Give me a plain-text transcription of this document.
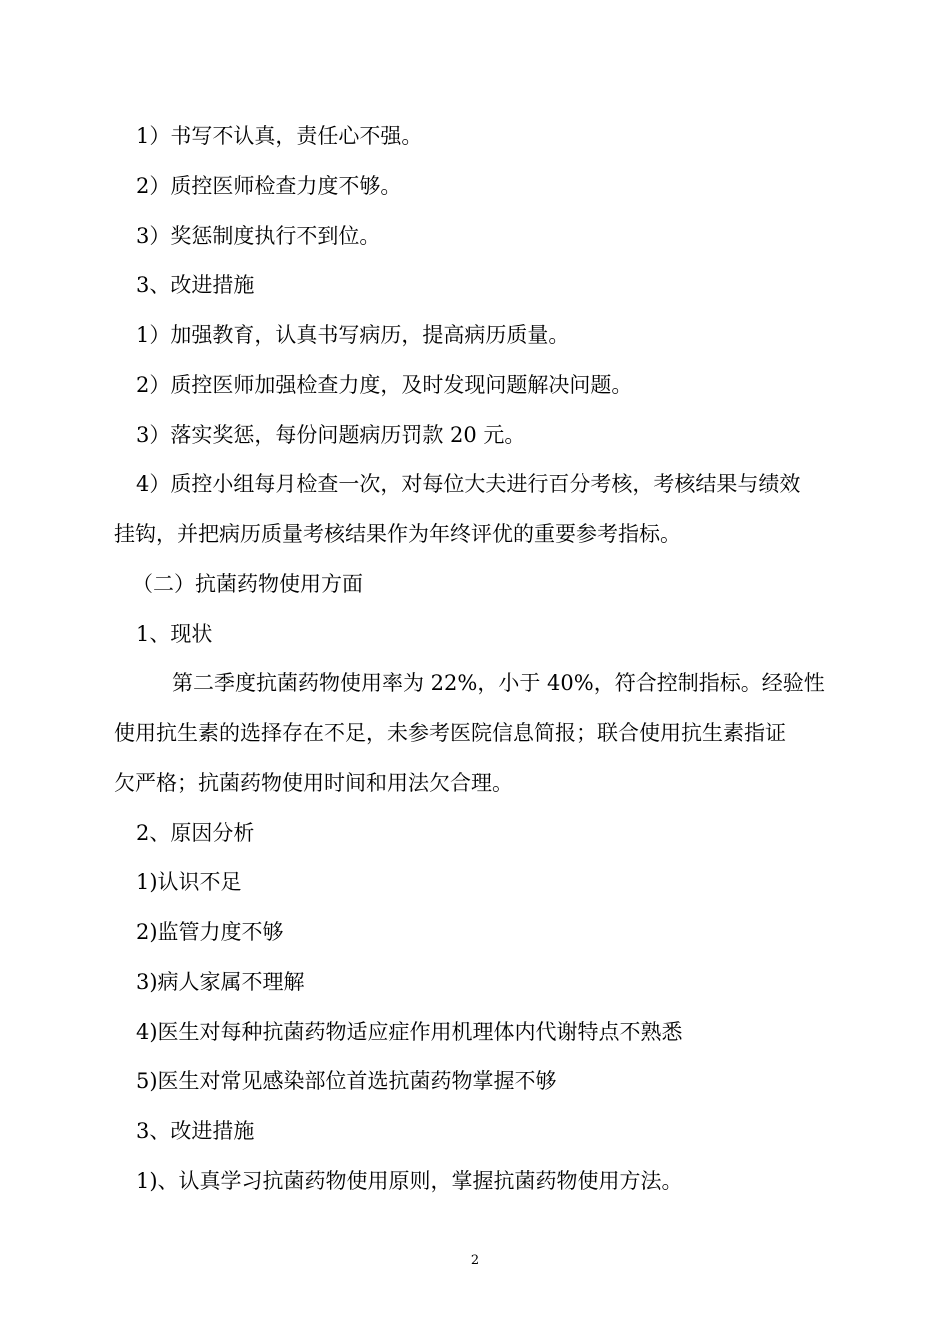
1）书写不认真，责任心不强。
2）质控医师检查力度不够。
3）奖惩制度执行不到位。
3、改进措施
1）加强教育，认真书写病历，提高病历质量。
2）质控医师加强检查力度，及时发现问题解决问题。
3）落实奖惩，每份问题病历罚款 20 元。
4）质控小组每月检查一次，对每位大夫进行百分考核，考核结果与绩效
挂钩，并把病历质量考核结果作为年终评优的重要参考指标。
（二）抗菌药物使用方面
1、现状
第二季度抗菌药物使用率为 22%，小于 40%，符合控制指标。经验性
使用抗生素的选择存在不足，未参考医院信息简报；联合使用抗生素指证
欠严格；抗菌药物使用时间和用法欠合理。
2、原因分析
1)认识不足
2)监管力度不够
3)病人家属不理解
4)医生对每种抗菌药物适应症作用机理体内代谢特点不熟悉
5)医生对常见感染部位首选抗菌药物掌握不够
3、改进措施
1)、认真学习抗菌药物使用原则，掌握抗菌药物使用方法。
2
